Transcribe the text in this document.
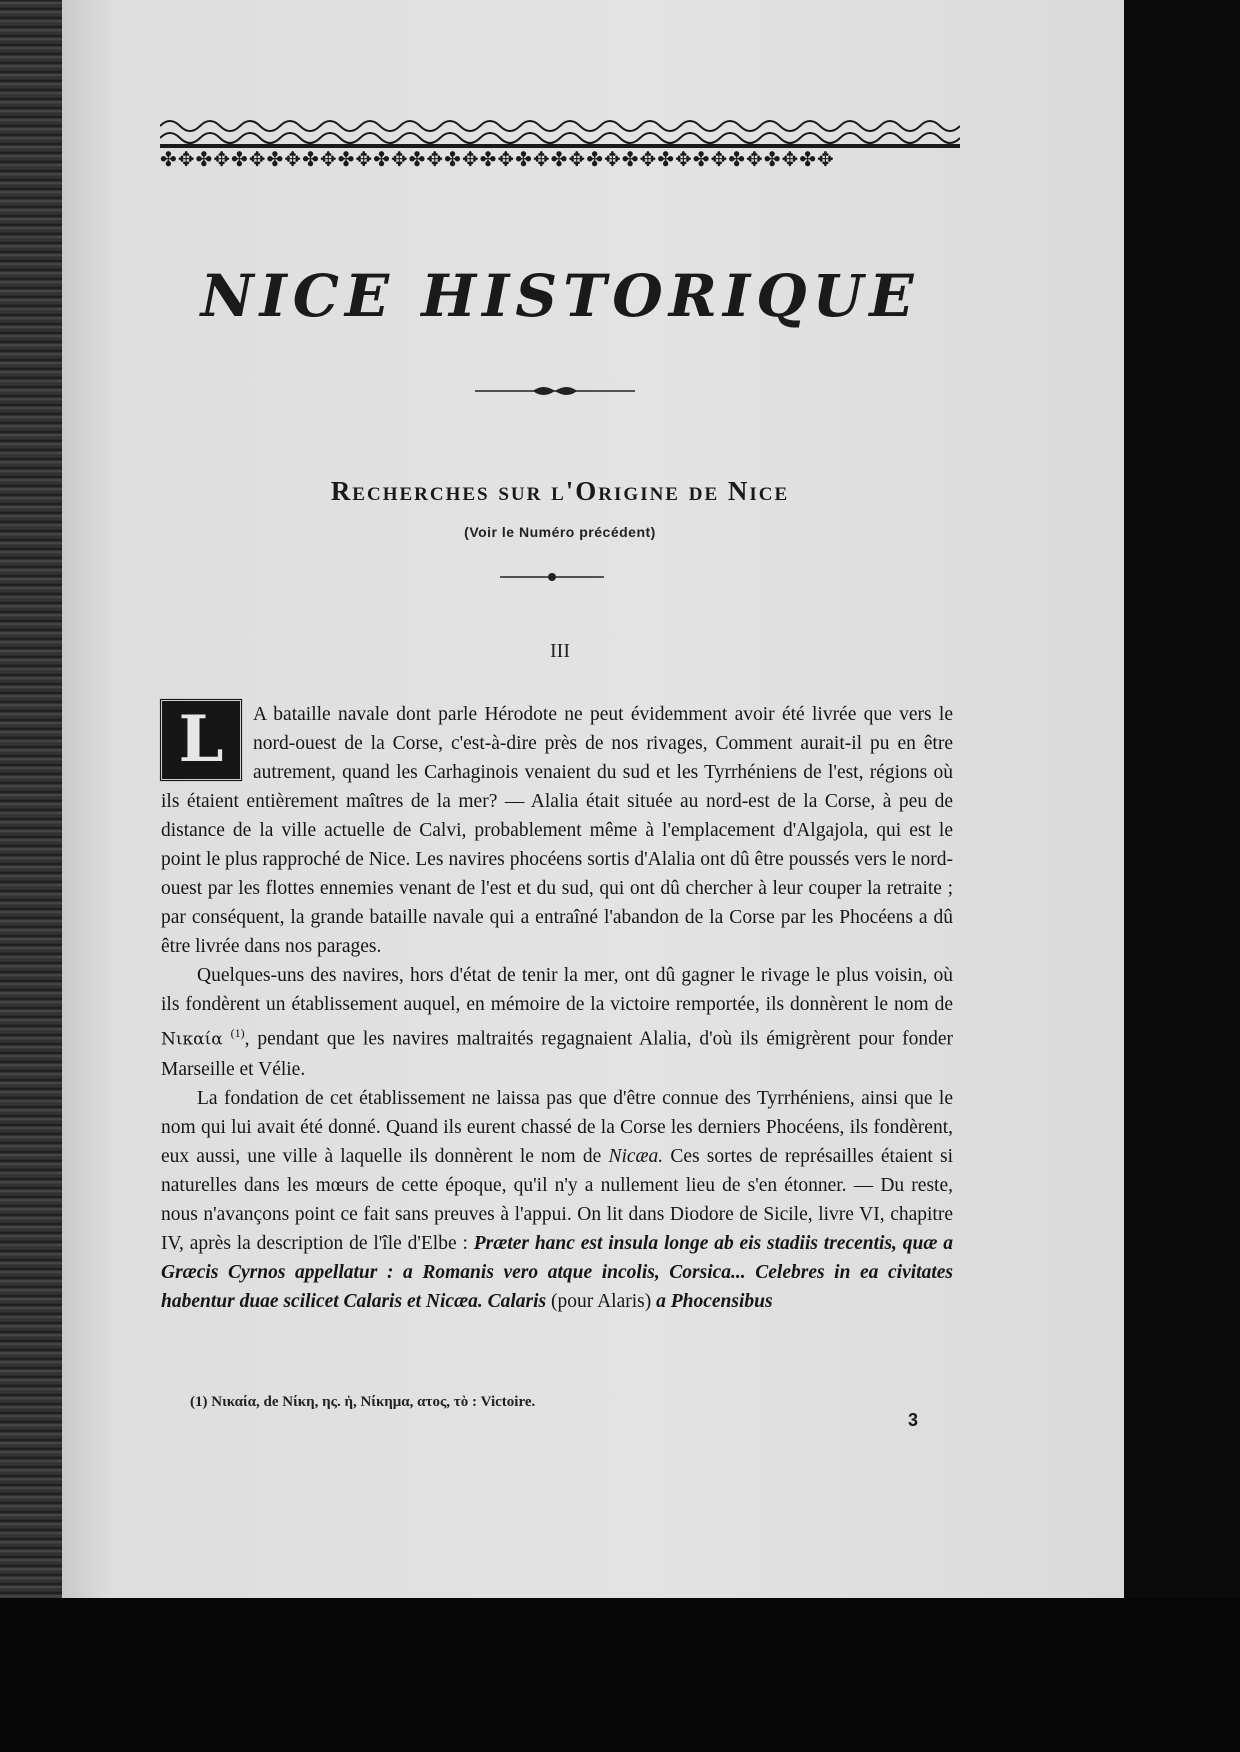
✤✥✤✥✤✥✤✥✤✥✤✥✤✥✤✥✤✥✤✥✤✥✤✥✤✥✤✥✤✥✤✥✤✥✤✥✤✥
NICE HISTORIQUE
Recherches sur l'Origine de Nice
(Voir le Numéro précédent)
III

L	A bataille navale dont parle Hérodote ne peut évidemment avoir été livrée que vers le nord-ouest de la Corse, c'est-à-dire près de nos rivages, Comment aurait-il pu en être autrement, quand les Carhaginois venaient du sud et les Tyrrhéniens de l'est, régions où ils étaient entièrement maîtres de la mer? — Alalia était située au nord-est de la Corse, à peu de distance de la ville actuelle de Calvi, probablement même à l'emplacement d'Algajola, qui est le point le plus rapproché de Nice. Les navires phocéens sortis d'Alalia ont dû être poussés vers le nord-ouest par les flottes ennemies venant de l'est et du sud, qui ont dû chercher à leur couper la retraite ; par conséquent, la grande bataille navale qui a entraîné l'abandon de la Corse par les Phocéens a dû être livrée dans nos parages.

Quelques-uns des navires, hors d'état de tenir la mer, ont dû gagner le rivage le plus voisin, où ils fondèrent un établissement auquel, en mémoire de la victoire remportée, ils donnèrent le nom de Νικαία $^{(1)}$, pendant que les navires maltraités regagnaient Alalia, d'où ils émigrèrent pour fonder Marseille et Vélie.

La fondation de cet établissement ne laissa pas que d'être connue des Tyrrhéniens, ainsi que le nom qui lui avait été donné. Quand ils eurent chassé de la Corse les derniers Phocéens, ils fondèrent, eux aussi, une ville à laquelle ils donnèrent le nom de Nicæa. Ces sortes de représailles étaient si naturelles dans les mœurs de cette époque, qu'il n'y a nullement lieu de s'en étonner. — Du reste, nous n'avançons point ce fait sans preuves à l'appui. On lit dans Diodore de Sicile, livre VI, chapitre IV, après la description de l'île d'Elbe : Præter hanc est insula longe ab eis stadiis trecentis, quæ a Græcis Cyrnos appellatur : a Romanis vero atque incolis, Corsica... Celebres in ea civitates habentur duae scilicet Calaris et Nicæa. Calaris (pour Alaris) a Phocensibus

(1) Νικαία, de Νίκη, ης. ἡ, Νίκημα, ατος, τὸ : Victoire.
3
